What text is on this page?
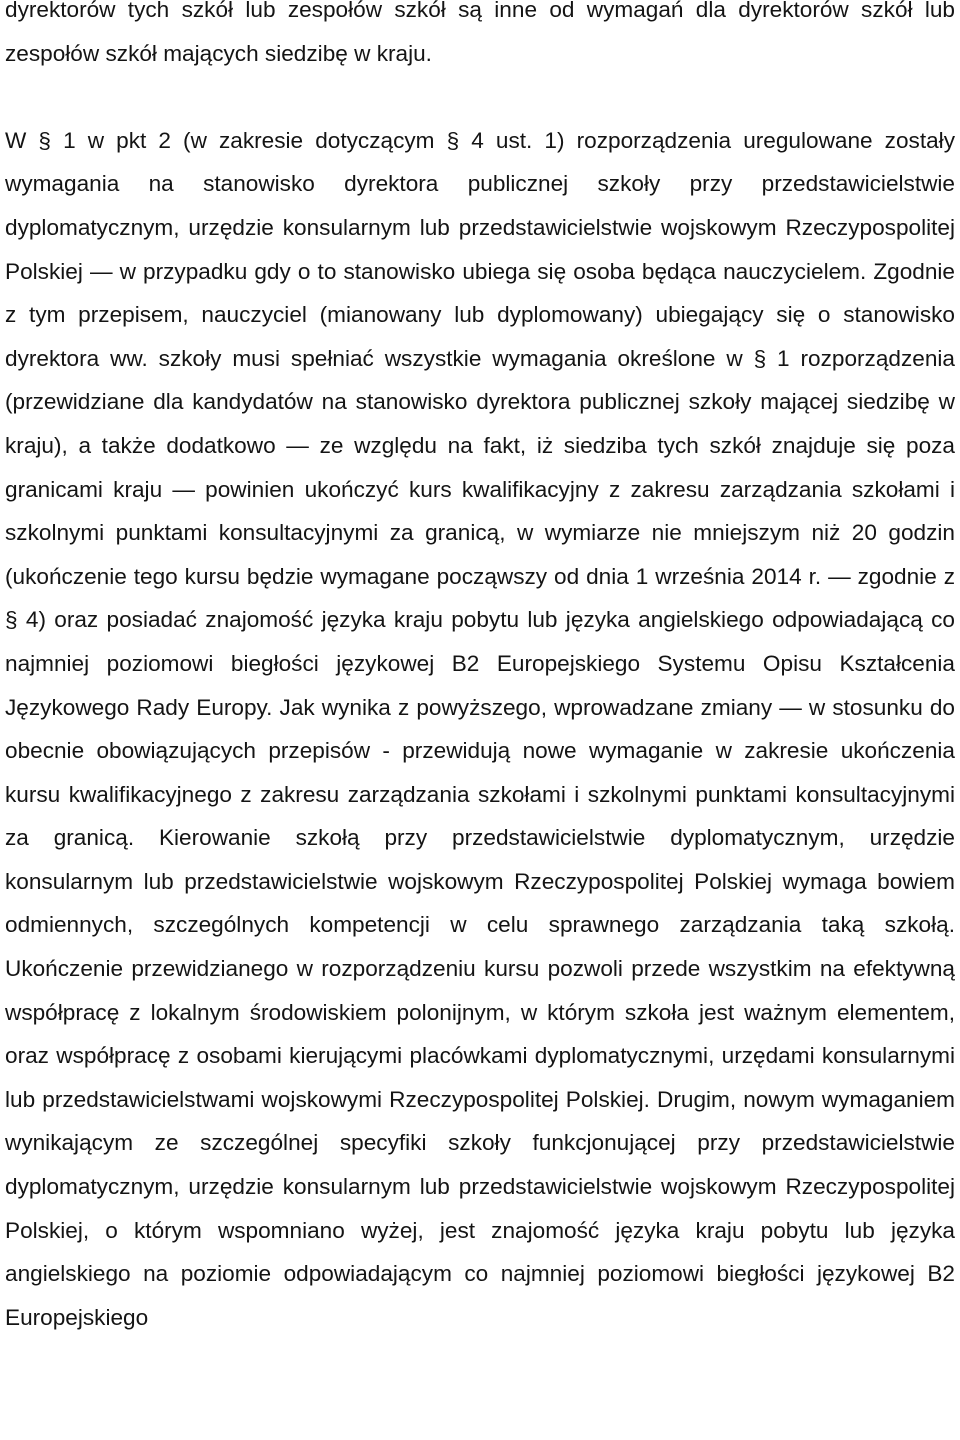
dyrektorów tych szkół lub zespołów szkół są inne od wymagań dla dyrektorów szkół lub zespołów szkół mających siedzibę w kraju.

W § 1 w pkt 2 (w zakresie dotyczącym § 4 ust. 1) rozporządzenia uregulowane zostały wymagania na stanowisko dyrektora publicznej szkoły przy przedstawicielstwie dyplomatycznym, urzędzie konsularnym lub przedstawicielstwie wojskowym Rzeczypospolitej Polskiej — w przypadku gdy o to stanowisko ubiega się osoba będąca nauczycielem. Zgodnie z tym przepisem, nauczyciel (mianowany lub dyplomowany) ubiegający się o stanowisko dyrektora ww. szkoły musi spełniać wszystkie wymagania określone w § 1 rozporządzenia (przewidziane dla kandydatów na stanowisko dyrektora publicznej szkoły mającej siedzibę w kraju), a także dodatkowo — ze względu na fakt, iż siedziba tych szkół znajduje się poza granicami kraju — powinien ukończyć kurs kwalifikacyjny z zakresu zarządzania szkołami i szkolnymi punktami konsultacyjnymi za granicą, w wymiarze nie mniejszym niż 20 godzin (ukończenie tego kursu będzie wymagane począwszy od dnia 1 września 2014 r. — zgodnie z § 4) oraz posiadać znajomość języka kraju pobytu lub języka angielskiego odpowiadającą co najmniej poziomowi biegłości językowej B2 Europejskiego Systemu Opisu Kształcenia Językowego Rady Europy. Jak wynika z powyższego, wprowadzane zmiany — w stosunku do obecnie obowiązujących przepisów - przewidują nowe wymaganie w zakresie ukończenia kursu kwalifikacyjnego z zakresu zarządzania szkołami i szkolnymi punktami konsultacyjnymi za granicą. Kierowanie szkołą przy przedstawicielstwie dyplomatycznym, urzędzie konsularnym lub przedstawicielstwie wojskowym Rzeczypospolitej Polskiej wymaga bowiem odmiennych, szczególnych kompetencji w celu sprawnego zarządzania taką szkołą. Ukończenie przewidzianego w rozporządzeniu kursu pozwoli przede wszystkim na efektywną współpracę z lokalnym środowiskiem polonijnym, w którym szkoła jest ważnym elementem, oraz współpracę z osobami kierującymi placówkami dyplomatycznymi, urzędami konsularnymi lub przedstawicielstwami wojskowymi Rzeczypospolitej Polskiej. Drugim, nowym wymaganiem wynikającym ze szczególnej specyfiki szkoły funkcjonującej przy przedstawicielstwie dyplomatycznym, urzędzie konsularnym lub przedstawicielstwie wojskowym Rzeczypospolitej Polskiej, o którym wspomniano wyżej, jest znajomość języka kraju pobytu lub języka angielskiego na poziomie odpowiadającym co najmniej poziomowi biegłości językowej B2 Europejskiego
